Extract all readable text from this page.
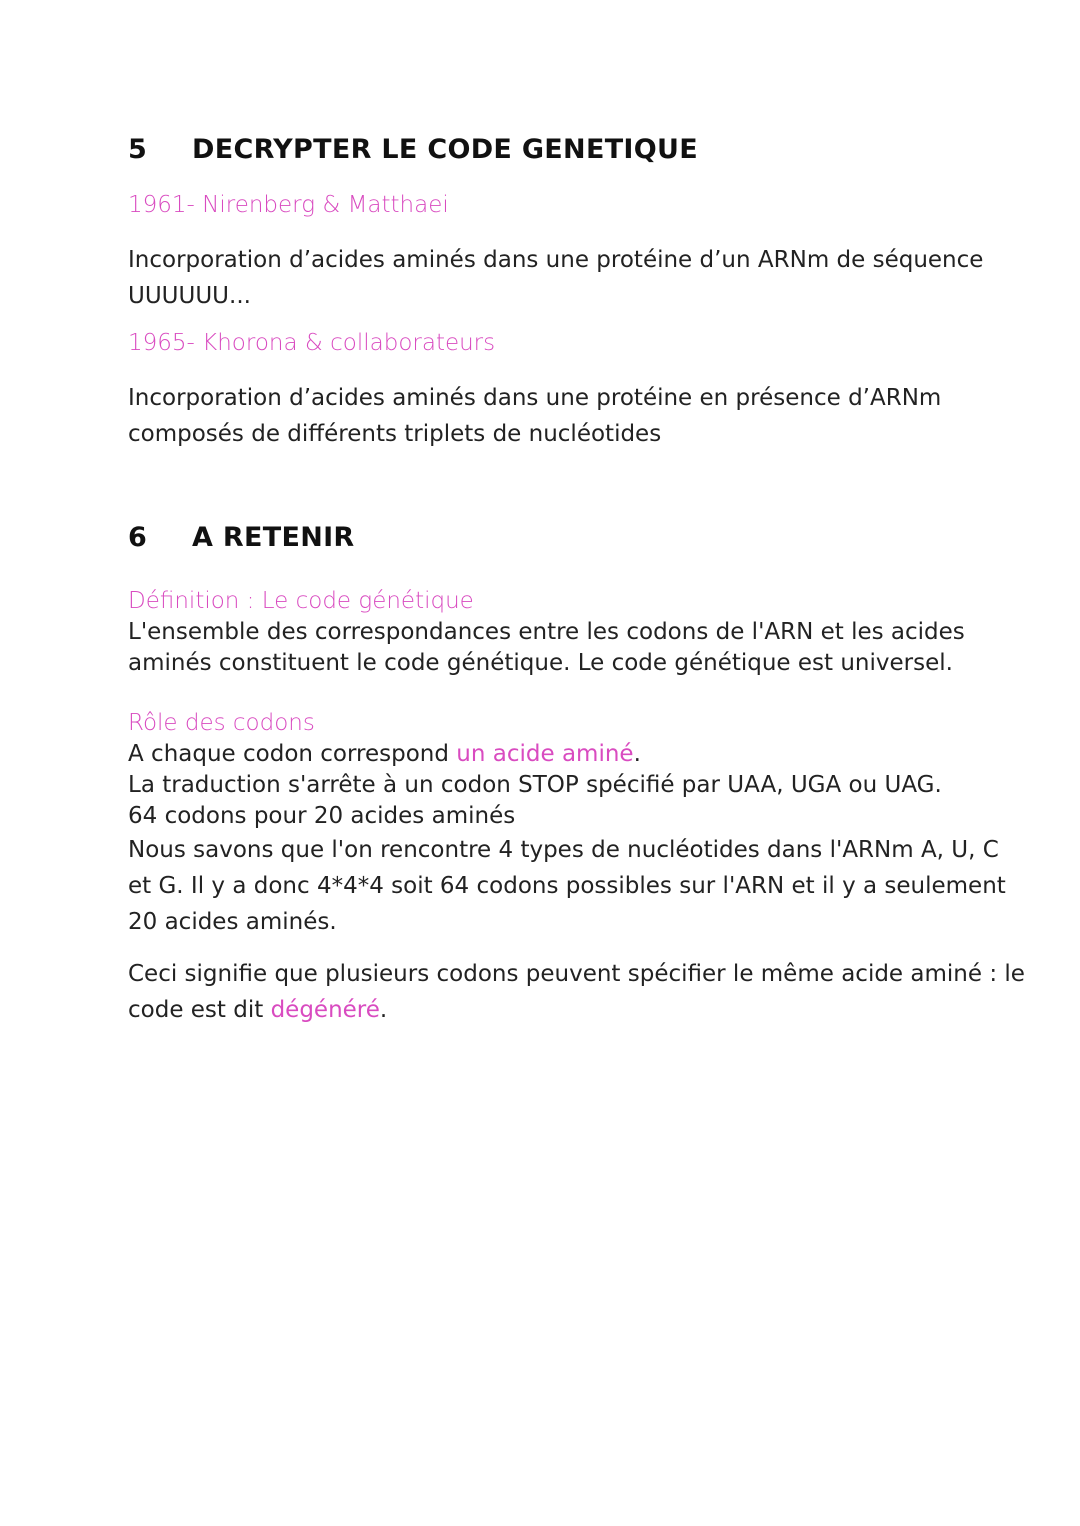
5 DECRYPTER LE CODE GENETIQUE
1961- Nirenberg & Matthaei
Incorporation d’acides aminés dans une protéine d’un ARNm de séquence
UUUUUU...
1965- Khorona & collaborateurs
Incorporation d’acides aminés dans une protéine en présence d’ARNm
composés de différents triplets de nucléotides
6 A RETENIR
Définition : Le code génétique
L'ensemble des correspondances entre les codons de l'ARN et les acides
aminés constituent le code génétique. Le code génétique est universel.
Rôle des codons
A chaque codon correspond un acide aminé.
La traduction s'arrête à un codon STOP spécifié par UAA, UGA ou UAG.
64 codons pour 20 acides aminés
Nous savons que l'on rencontre 4 types de nucléotides dans l'ARNm A, U, C
et G. Il y a donc 4*4*4 soit 64 codons possibles sur l'ARN et il y a seulement
20 acides aminés.
Ceci signifie que plusieurs codons peuvent spécifier le même acide aminé : le
code est dit dégénéré.
